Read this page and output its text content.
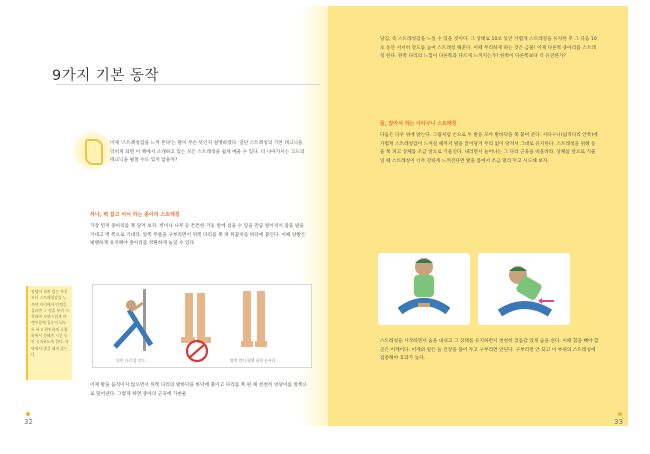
9가지 기본 동작

이제 '스트레칭감을 느껴 본다'는 말이 무슨 뜻인지 설명하겠다. 일단 스트레칭의 기본 테크닉을 익히게 되면 이 책에서 소개하고 있는 모든 스트레칭을 쉽게 배울 수 있다. 더 나아가서는 고도의 테크닉을 펼칠 수도 있지 않을까?

하나, 벽 잡고 서서 하는 종아리 스트레칭

가장 먼저 종아리를 쭉 당겨 보자. 벽이나 나무 등 튼튼한 기둥 앞에 섰을 수 있을 만큼 떨어져서 잡을 팔을 기대고 벽 쪽으로 기대라. 앞쪽 무릎을 구부리면서 뒤쪽 다리를 쭉 펴 뒤꿈치를 바닥에 붙인다. 이때 양발은 평행하게 유지해야 종아리를 정확하게 늘일 수 있다.

뒤쪽 다리 발 각도	양쪽 발이 평행 하게 놓아라

이제 발을 움직이지 않으면서 뒤쪽 다리의 발바닥을 바닥에 붙이고 다리를 쭉 편 채 천천히 엉덩이를 앞쪽으로 밀어낸다. 그렇게 하면 종아리 근육에 가벼운

32
엉덩이 위치 있는 부분부터 스트레칭감을 느껴야 자리에서 안정을 살피면 그 힘을 부터 시작하여 자연스럽게 아랫부분에 집중이 되도록 하고 편안하게 호흡하면서 정해진 시간 동안 유지하도록 한다. 바닥에서 발을 떼지 않는다.

당김, 즉 스트레칭감을 느낄 수 있을 것이다. 그 상태로 10초 동안 가볍게 스트레칭을 유지한 후 그 다음 10초 동안 서서히 강도를 높여 스트레칭 해준다. 이때 무리하게 하는 것은 금물! 이제 다른쪽 종아리를 스트레칭 한다. 한쪽 다리의 느낌이 다른쪽과 다르게 느껴지는가? 한쪽이 다른쪽보다 더 유연한가?

둘, 앉아서 하는 사타구니 스트레칭

다음은 다우 위에 앉는다. 그림처럼 손으로 두 발을 모아 발바닥을 쭉 붙여 준다. 사타구니(넓적다리 안쪽)에 가볍게 스트레칭감이 느껴질 때까지 발을 끌어당겨 무리 없이 당겨서 그대로 유지한다. 스트레칭을 위해 등을 쭉 펴고 상체를 조금 앞으로 기울인다. 내리면서 늘어나는 그 다리 근육을 떠올려라. 상체를 앞으로 기울일 때 스트레칭이 너무 강하게 느껴진다면 발을 몸에서 조금 멀리 두고 시도해 보자.

스트레칭을 시작하면서 숨을 내쉬고 그 상태를 유지하면서 천천히 리듬감 있게 숨을 쉰다. 이때 힘을 빼야 할 곳은 어깨이다. 어깨와 팔은 늘 긴장을 풀어 두고 구부리면 안된다. 구부리면 안 되고 이 부위의 스트레칭에 집중해야 효과가 높다.

33
